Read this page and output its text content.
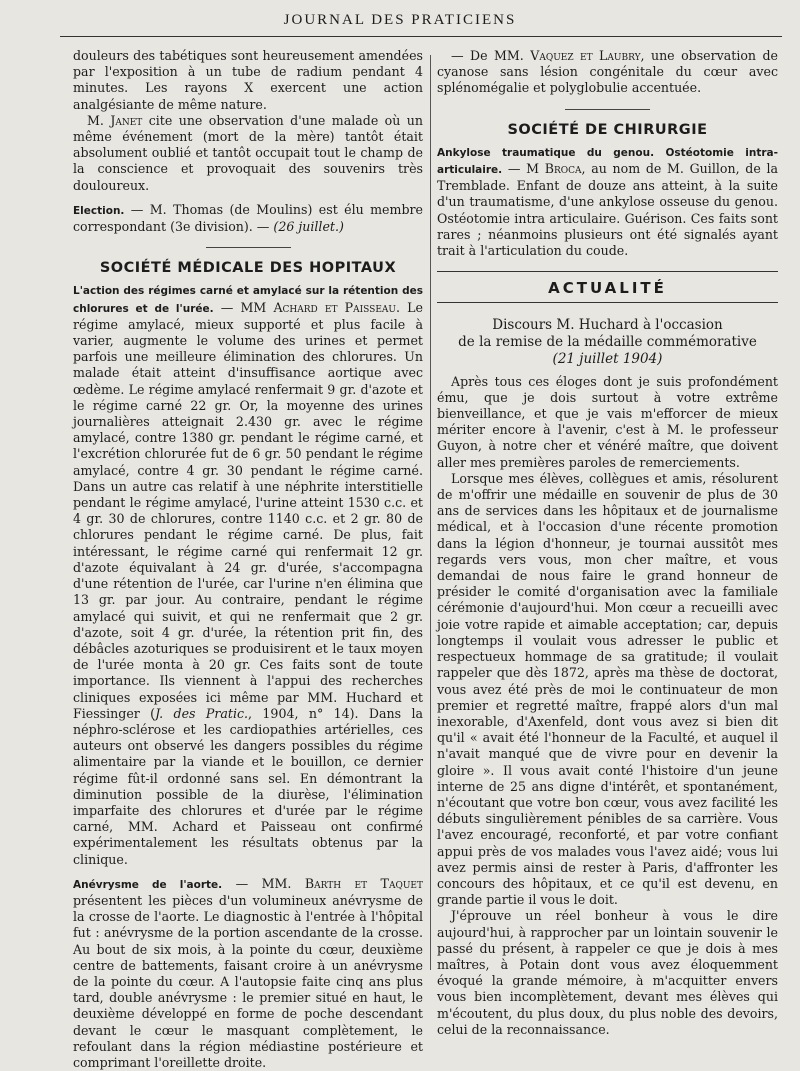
JOURNAL DES PRATICIENS

douleurs des tabétiques sont heureusement amendées par l'exposition à un tube de radium pendant 4 minutes. Les rayons X exercent une action analgésiante de même nature.

M. Janet cite une observation d'une malade où un même événement (mort de la mère) tantôt était absolument oublié et tantôt occupait tout le champ de la conscience et provoquait des souvenirs très douloureux.

Election. — M. Thomas (de Moulins) est élu membre correspondant (3e division). — (26 juillet.)

SOCIÉTÉ MÉDICALE DES HOPITAUX

L'action des régimes carné et amylacé sur la rétention des chlorures et de l'urée. — MM Achard et Paisseau. Le régime amylacé, mieux supporté et plus facile à varier, augmente le volume des urines et permet parfois une meilleure élimination des chlorures. Un malade était atteint d'insuffisance aortique avec œdème. Le régime amylacé renfermait 9 gr. d'azote et le régime carné 22 gr. Or, la moyenne des urines journalières atteignait 2.430 gr. avec le régime amylacé, contre 1380 gr. pendant le régime carné, et l'excrétion chlorurée fut de 6 gr. 50 pendant le régime amylacé, contre 4 gr. 30 pendant le régime carné. Dans un autre cas relatif à une néphrite interstitielle pendant le régime amylacé, l'urine atteint 1530 c.c. et 4 gr. 30 de chlorures, contre 1140 c.c. et 2 gr. 80 de chlorures pendant le régime carné. De plus, fait intéressant, le régime carné qui renfermait 12 gr. d'azote équivalant à 24 gr. d'urée, s'accompagna d'une rétention de l'urée, car l'urine n'en élimina que 13 gr. par jour. Au contraire, pendant le régime amylacé qui suivit, et qui ne renfermait que 2 gr. d'azote, soit 4 gr. d'urée, la rétention prit fin, des débâcles azoturiques se produisirent et le taux moyen de l'urée monta à 20 gr. Ces faits sont de toute importance. Ils viennent à l'appui des recherches cliniques exposées ici même par MM. Huchard et Fiessinger (J. des Pratic., 1904, n° 14). Dans la néphro-sclérose et les cardiopathies artérielles, ces auteurs ont observé les dangers possibles du régime alimentaire par la viande et le bouillon, ce dernier régime fût-il ordonné sans sel. En démontrant la diminution possible de la diurèse, l'élimination imparfaite des chlorures et d'urée par le régime carné, MM. Achard et Paisseau ont confirmé expérimentalement les résultats obtenus par la clinique.

Anévrysme de l'aorte. — MM. Barth et Taquet présentent les pièces d'un volumineux anévrysme de la crosse de l'aorte. Le diagnostic à l'entrée à l'hôpital fut : anévrysme de la portion ascendante de la crosse. Au bout de six mois, à la pointe du cœur, deuxième centre de battements, faisant croire à un anévrysme de la pointe du cœur. A l'autopsie faite cinq ans plus tard, double anévrysme : le premier situé en haut, le deuxième développé en forme de poche descendant devant le cœur le masquant complètement, le refoulant dans la région médiastine postérieure et comprimant l'oreillette droite.

— De MM. Vaquez et Laubry, une observation de cyanose sans lésion congénitale du cœur avec splénomégalie et polyglobulie accentuée.

SOCIÉTÉ DE CHIRURGIE

Ankylose traumatique du genou. Ostéotomie intra-articulaire. — M Broca, au nom de M. Guillon, de la Tremblade. Enfant de douze ans atteint, à la suite d'un traumatisme, d'une ankylose osseuse du genou. Ostéotomie intra articulaire. Guérison. Ces faits sont rares ; néanmoins plusieurs ont été signalés ayant trait à l'articulation du coude.

ACTUALITÉ
Discours M. Huchard à l'occasion
de la remise de la médaille commémorative
(21 juillet 1904)

Après tous ces éloges dont je suis profondément ému, que je dois surtout à votre extrême bienveillance, et que je vais m'efforcer de mieux mériter encore à l'avenir, c'est à M. le professeur Guyon, à notre cher et vénéré maître, que doivent aller mes premières paroles de remerciements.

Lorsque mes élèves, collègues et amis, résolurent de m'offrir une médaille en souvenir de plus de 30 ans de services dans les hôpitaux et de journalisme médical, et à l'occasion d'une récente promotion dans la légion d'honneur, je tournai aussitôt mes regards vers vous, mon cher maître, et vous demandai de nous faire le grand honneur de présider le comité d'organisation avec la familiale cérémonie d'aujourd'hui. Mon cœur a recueilli avec joie votre rapide et aimable acceptation; car, depuis longtemps il voulait vous adresser le public et respectueux hommage de sa gratitude; il voulait rappeler que dès 1872, après ma thèse de doctorat, vous avez été près de moi le continuateur de mon premier et regretté maître, frappé alors d'un mal inexorable, d'Axenfeld, dont vous avez si bien dit qu'il « avait été l'honneur de la Faculté, et auquel il n'avait manqué que de vivre pour en devenir la gloire ». Il vous avait conté l'histoire d'un jeune interne de 25 ans digne d'intérêt, et spontanément, n'écoutant que votre bon cœur, vous avez facilité les débuts singulièrement pénibles de sa carrière. Vous l'avez encouragé, reconforté, et par votre confiant appui près de vos malades vous l'avez aidé; vous lui avez permis ainsi de rester à Paris, d'affronter les concours des hôpitaux, et ce qu'il est devenu, en grande partie il vous le doit.

J'éprouve un réel bonheur à vous le dire aujourd'hui, à rapprocher par un lointain souvenir le passé du présent, à rappeler ce que je dois à mes maîtres, à Potain dont vous avez éloquemment évoqué la grande mémoire, à m'acquitter envers vous bien incomplètement, devant mes élèves qui m'écoutent, du plus doux, du plus noble des devoirs, celui de la reconnaissance.
